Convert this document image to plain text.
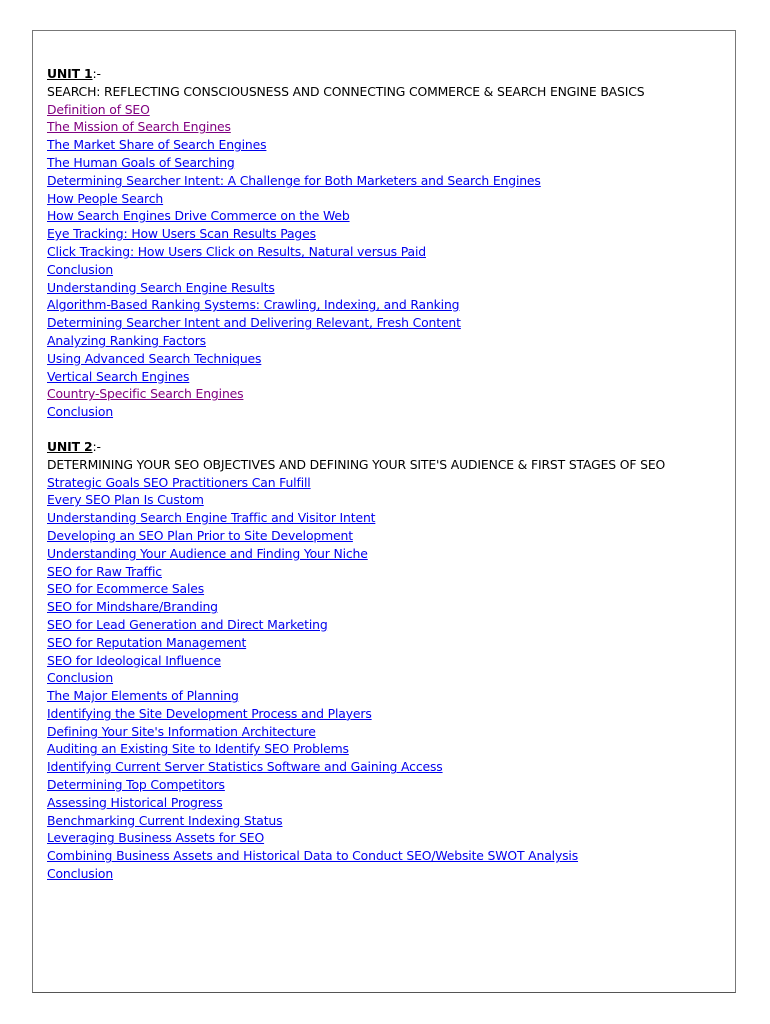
UNIT 1:-
SEARCH: REFLECTING CONSCIOUSNESS AND CONNECTING COMMERCE & SEARCH ENGINE BASICS
Definition of SEO
The Mission of Search Engines
The Market Share of Search Engines
The Human Goals of Searching
Determining Searcher Intent: A Challenge for Both Marketers and Search Engines
How People Search
How Search Engines Drive Commerce on the Web
Eye Tracking: How Users Scan Results Pages
Click Tracking: How Users Click on Results, Natural versus Paid
Conclusion
Understanding Search Engine Results
Algorithm-Based Ranking Systems: Crawling, Indexing, and Ranking
Determining Searcher Intent and Delivering Relevant, Fresh Content
Analyzing Ranking Factors
Using Advanced Search Techniques
Vertical Search Engines
Country-Specific Search Engines
Conclusion
UNIT 2:-
DETERMINING YOUR SEO OBJECTIVES AND DEFINING YOUR SITE'S AUDIENCE & FIRST STAGES OF SEO
Strategic Goals SEO Practitioners Can Fulfill
Every SEO Plan Is Custom
Understanding Search Engine Traffic and Visitor Intent
Developing an SEO Plan Prior to Site Development
Understanding Your Audience and Finding Your Niche
SEO for Raw Traffic
SEO for Ecommerce Sales
SEO for Mindshare/Branding
SEO for Lead Generation and Direct Marketing
SEO for Reputation Management
SEO for Ideological Influence
Conclusion
The Major Elements of Planning
Identifying the Site Development Process and Players
Defining Your Site's Information Architecture
Auditing an Existing Site to Identify SEO Problems
Identifying Current Server Statistics Software and Gaining Access
Determining Top Competitors
Assessing Historical Progress
Benchmarking Current Indexing Status
Leveraging Business Assets for SEO
Combining Business Assets and Historical Data to Conduct SEO/Website SWOT Analysis
Conclusion
